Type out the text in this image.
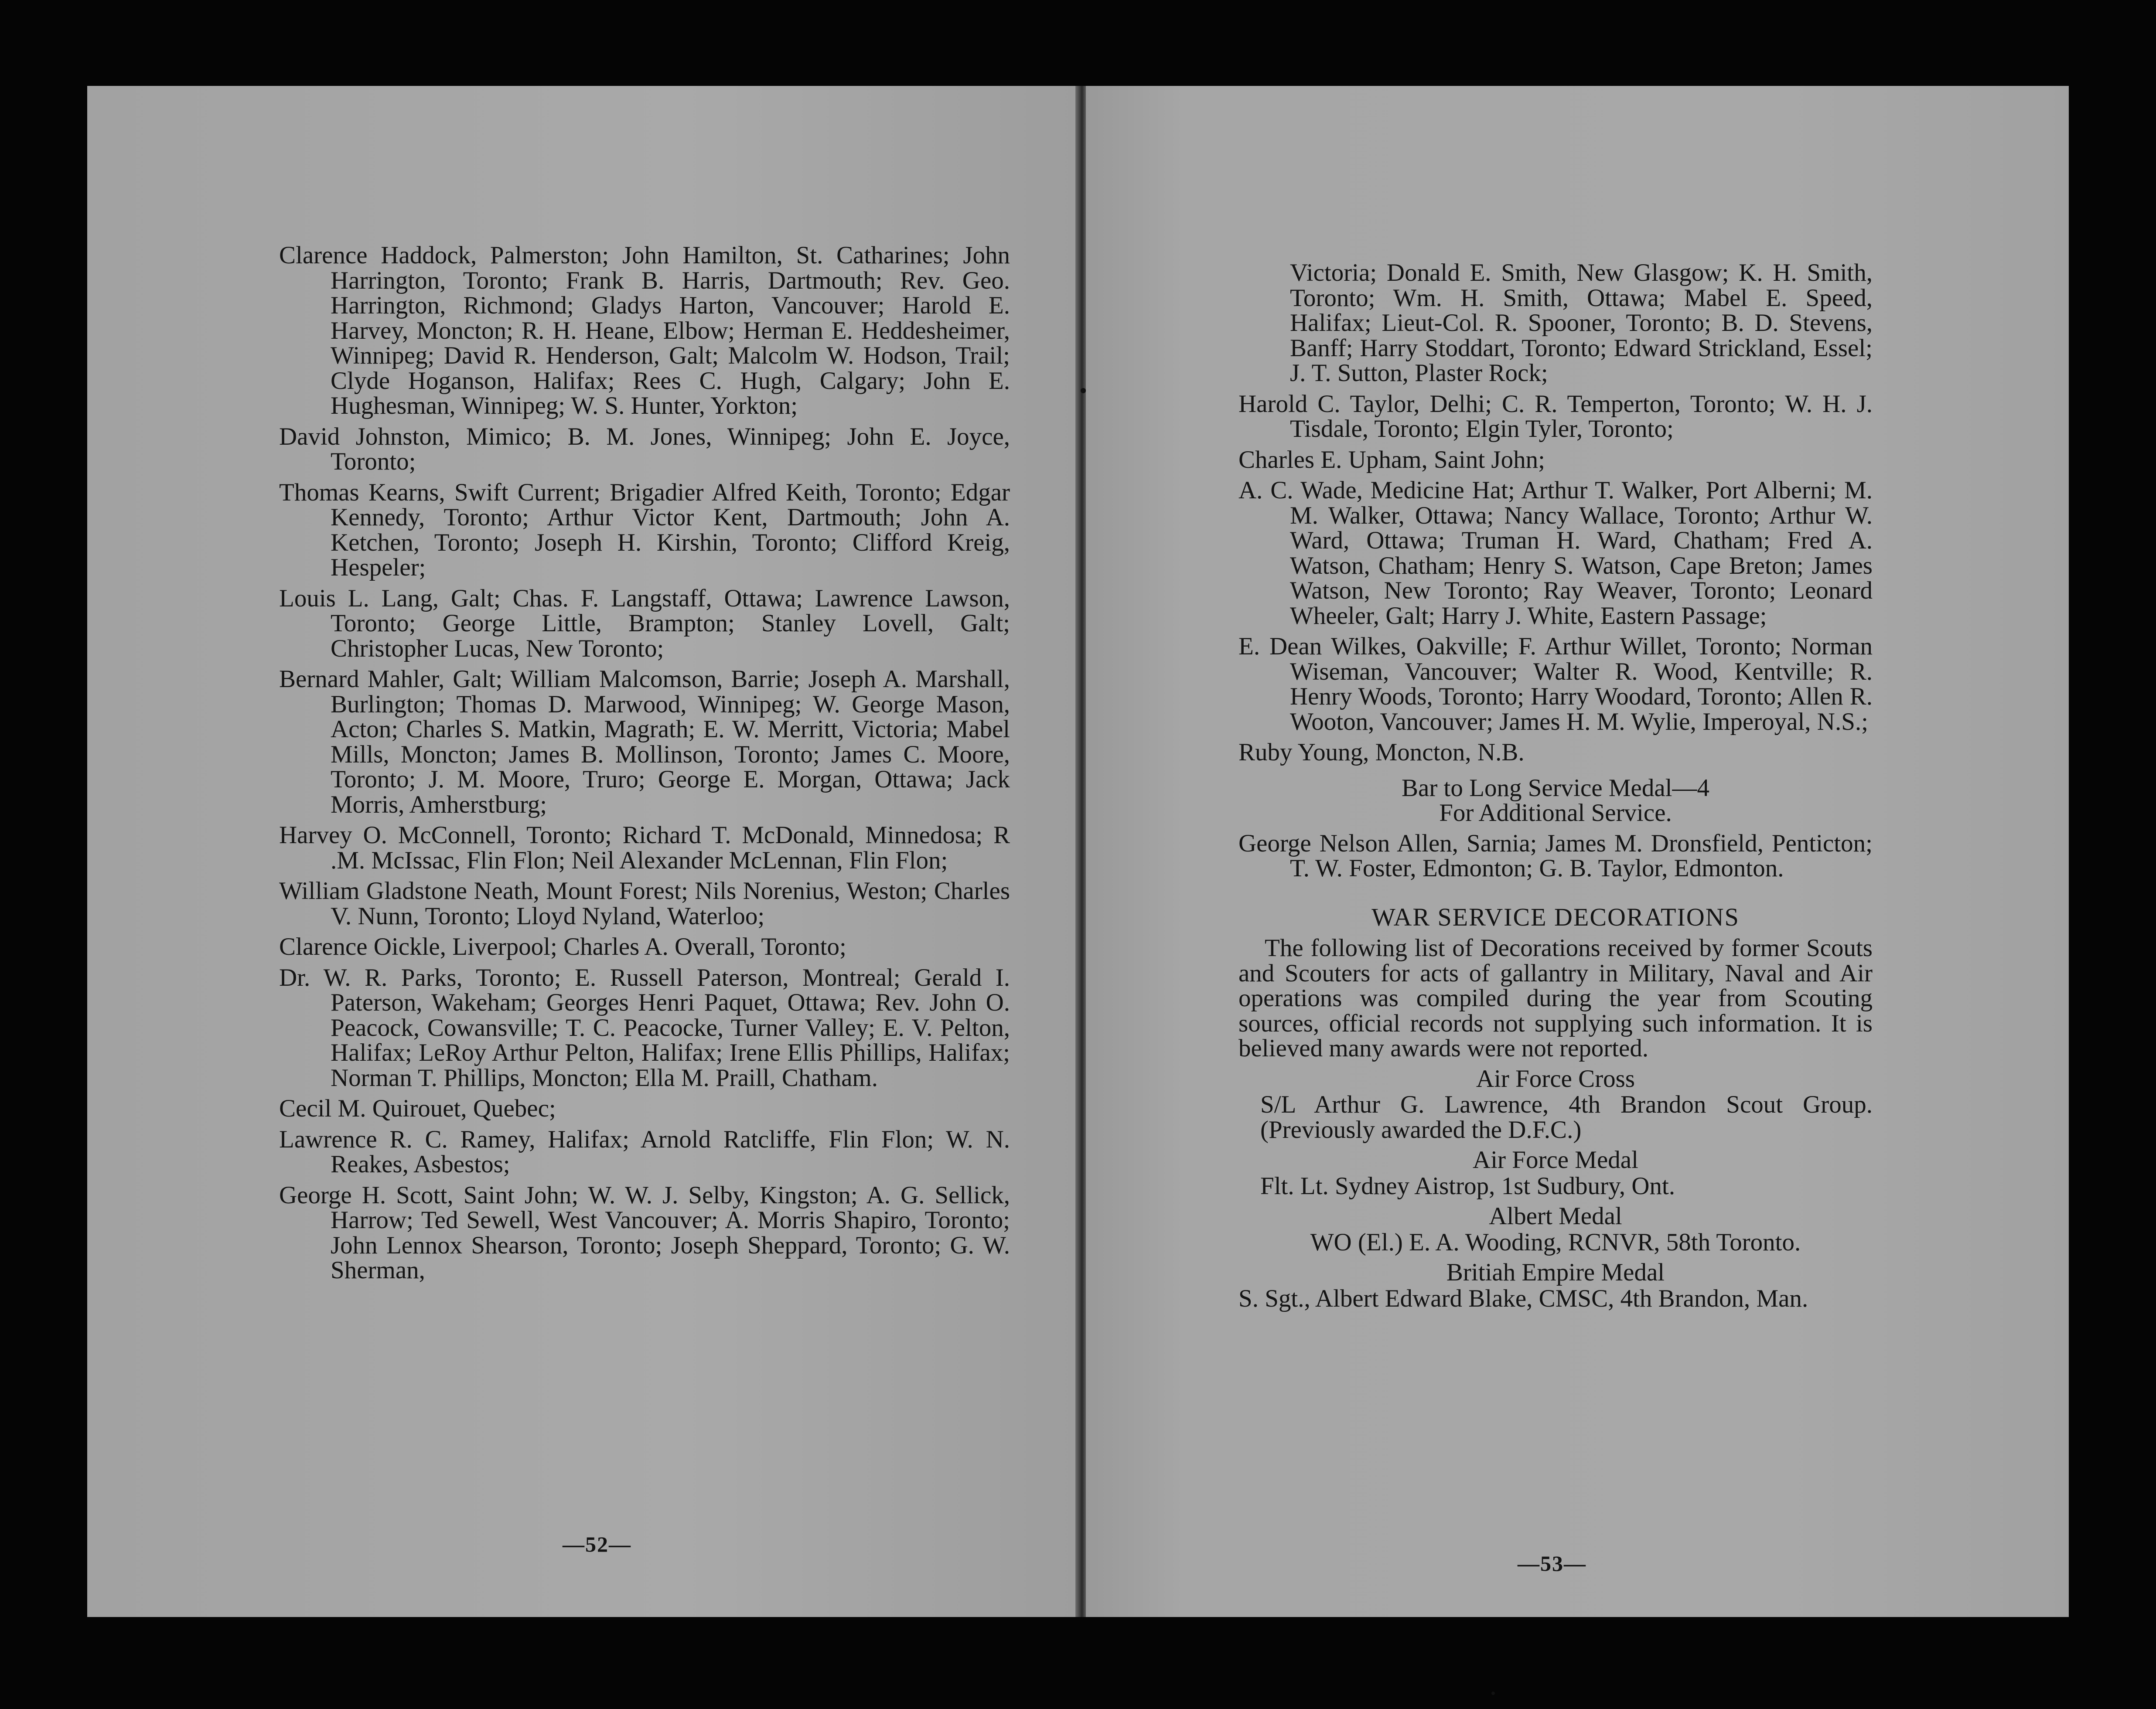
Clarence Haddock, Palmerston; John Hamilton, St. Catharines; John Harrington, Toronto; Frank B. Harris, Dartmouth; Rev. Geo. Harrington, Richmond; Gladys Harton, Vancouver; Harold E. Harvey, Moncton; R. H. Heane, Elbow; Herman E. Heddesheimer, Winnipeg; David R. Henderson, Galt; Malcolm W. Hodson, Trail; Clyde Hoganson, Halifax; Rees C. Hugh, Calgary; John E. Hughesman, Winnipeg; W. S. Hunter, Yorkton;

David Johnston, Mimico; B. M. Jones, Winnipeg; John E. Joyce, Toronto;

Thomas Kearns, Swift Current; Brigadier Alfred Keith, Toronto; Edgar Kennedy, Toronto; Arthur Victor Kent, Dartmouth; John A. Ketchen, Toronto; Joseph H. Kirshin, Toronto; Clifford Kreig, Hespeler;

Louis L. Lang, Galt; Chas. F. Langstaff, Ottawa; Lawrence Lawson, Toronto; George Little, Brampton; Stanley Lovell, Galt; Christopher Lucas, New Toronto;

Bernard Mahler, Galt; William Malcomson, Barrie; Joseph A. Marshall, Burlington; Thomas D. Marwood, Winnipeg; W. George Mason, Acton; Charles S. Matkin, Magrath; E. W. Merritt, Victoria; Mabel Mills, Moncton; James B. Mollinson, Toronto; James C. Moore, Toronto; J. M. Moore, Truro; George E. Morgan, Ottawa; Jack Morris, Amherstburg;

Harvey O. McConnell, Toronto; Richard T. McDonald, Minnedosa; R .M. McIssac, Flin Flon; Neil Alexander McLennan, Flin Flon;

William Gladstone Neath, Mount Forest; Nils Norenius, Weston; Charles V. Nunn, Toronto; Lloyd Nyland, Waterloo;

Clarence Oickle, Liverpool; Charles A. Overall, Toronto;

Dr. W. R. Parks, Toronto; E. Russell Paterson, Montreal; Gerald I. Paterson, Wakeham; Georges Henri Paquet, Ottawa; Rev. John O. Peacock, Cowansville; T. C. Peacocke, Turner Valley; E. V. Pelton, Halifax; LeRoy Arthur Pelton, Halifax; Irene Ellis Phillips, Halifax; Norman T. Phillips, Moncton; Ella M. Praill, Chatham.

Cecil M. Quirouet, Quebec;

Lawrence R. C. Ramey, Halifax; Arnold Ratcliffe, Flin Flon; W. N. Reakes, Asbestos;

George H. Scott, Saint John; W. W. J. Selby, Kingston; A. G. Sellick, Harrow; Ted Sewell, West Vancouver; A. Morris Shapiro, Toronto; John Lennox Shearson, Toronto; Joseph Sheppard, Toronto; G. W. Sherman,

—52—

Victoria; Donald E. Smith, New Glasgow; K. H. Smith, Toronto; Wm. H. Smith, Ottawa; Mabel E. Speed, Halifax; Lieut-Col. R. Spooner, Toronto; B. D. Stevens, Banff; Harry Stoddart, Toronto; Edward Strickland, Essel; J. T. Sutton, Plaster Rock;

Harold C. Taylor, Delhi; C. R. Temperton, Toronto; W. H. J. Tisdale, Toronto; Elgin Tyler, Toronto;

Charles E. Upham, Saint John;

A. C. Wade, Medicine Hat; Arthur T. Walker, Port Alberni; M. M. Walker, Ottawa; Nancy Wallace, Toronto; Arthur W. Ward, Ottawa; Truman H. Ward, Chatham; Fred A. Watson, Chatham; Henry S. Watson, Cape Breton; James Watson, New Toronto; Ray Weaver, Toronto; Leonard Wheeler, Galt; Harry J. White, Eastern Passage;

E. Dean Wilkes, Oakville; F. Arthur Willet, Toronto; Norman Wiseman, Vancouver; Walter R. Wood, Kentville; R. Henry Woods, Toronto; Harry Woodard, Toronto; Allen R. Wooton, Vancouver; James H. M. Wylie, Imperoyal, N.S.;

Ruby Young, Moncton, N.B.

Bar to Long Service Medal—4

For Additional Service.

George Nelson Allen, Sarnia; James M. Dronsfield, Penticton; T. W. Foster, Edmonton; G. B. Taylor, Edmonton.

WAR SERVICE DECORATIONS

The following list of Decorations received by former Scouts and Scouters for acts of gallantry in Military, Naval and Air operations was compiled during the year from Scouting sources, official records not supplying such information. It is believed many awards were not reported.

Air Force Cross

S/L Arthur G. Lawrence, 4th Brandon Scout Group. (Previously awarded the D.F.C.)

Air Force Medal

Flt. Lt. Sydney Aistrop, 1st Sudbury, Ont.

Albert Medal

WO (El.) E. A. Wooding, RCNVR, 58th Toronto.

Britiah Empire Medal

S. Sgt., Albert Edward Blake, CMSC, 4th Brandon, Man.

—53—
